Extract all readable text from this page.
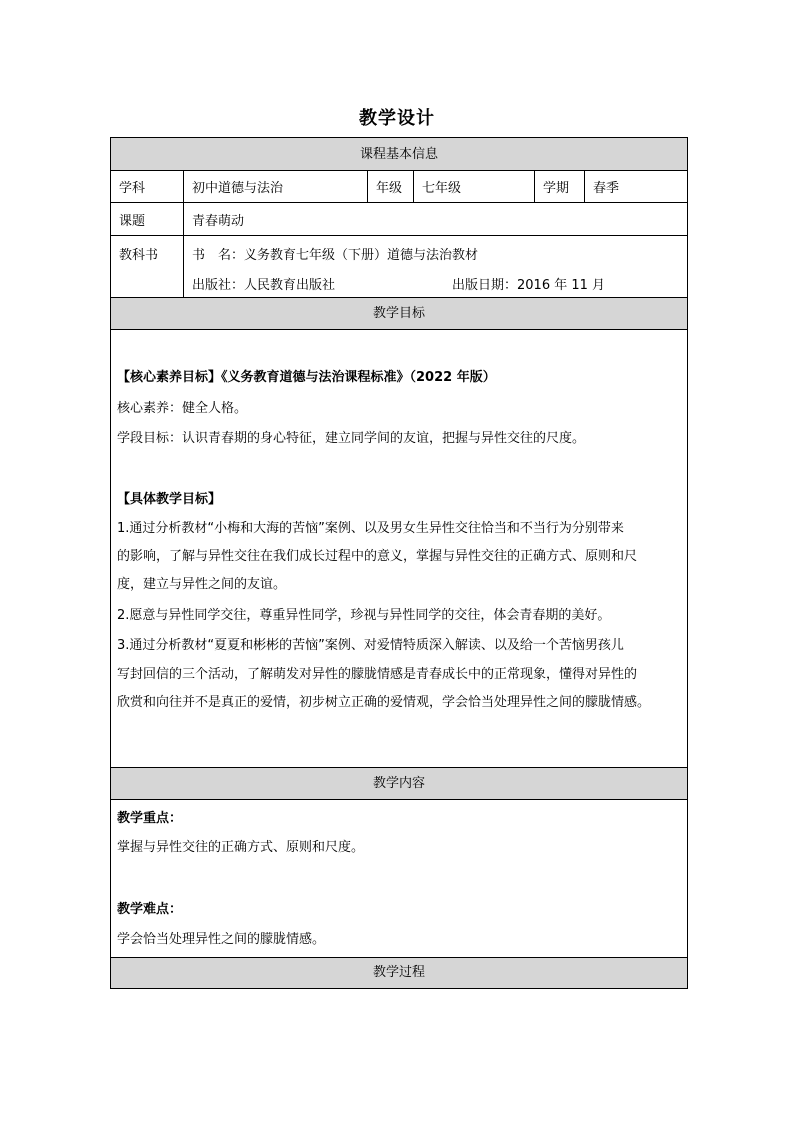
教学设计
课程基本信息
学科	初中道德与法治	年级 七年级	学期 春季
课题	青春萌动
教科书	书　名：义务教育七年级（下册）道德与法治教材
出版社：人民教育出版社	出版日期：2016 年 11 月
教学目标
【核心素养目标】《义务教育道德与法治课程标准》（2022 年版）
核心素养：健全人格。
学段目标：认识青春期的身心特征，建立同学间的友谊，把握与异性交往的尺度。
【具体教学目标】
1.通过分析教材“小梅和大海的苦恼”案例、以及男女生异性交往恰当和不当行为分别带来
的影响，了解与异性交往在我们成长过程中的意义，掌握与异性交往的正确方式、原则和尺
度，建立与异性之间的友谊。
2.愿意与异性同学交往，尊重异性同学，珍视与异性同学的交往，体会青春期的美好。
3.通过分析教材“夏夏和彬彬的苦恼”案例、对爱情特质深入解读、以及给一个苦恼男孩儿
写封回信的三个活动，了解萌发对异性的朦胧情感是青春成长中的正常现象，懂得对异性的
欣赏和向往并不是真正的爱情，初步树立正确的爱情观，学会恰当处理异性之间的朦胧情感。
教学内容
教学重点：
掌握与异性交往的正确方式、原则和尺度。
教学难点：
学会恰当处理异性之间的朦胧情感。
教学过程
